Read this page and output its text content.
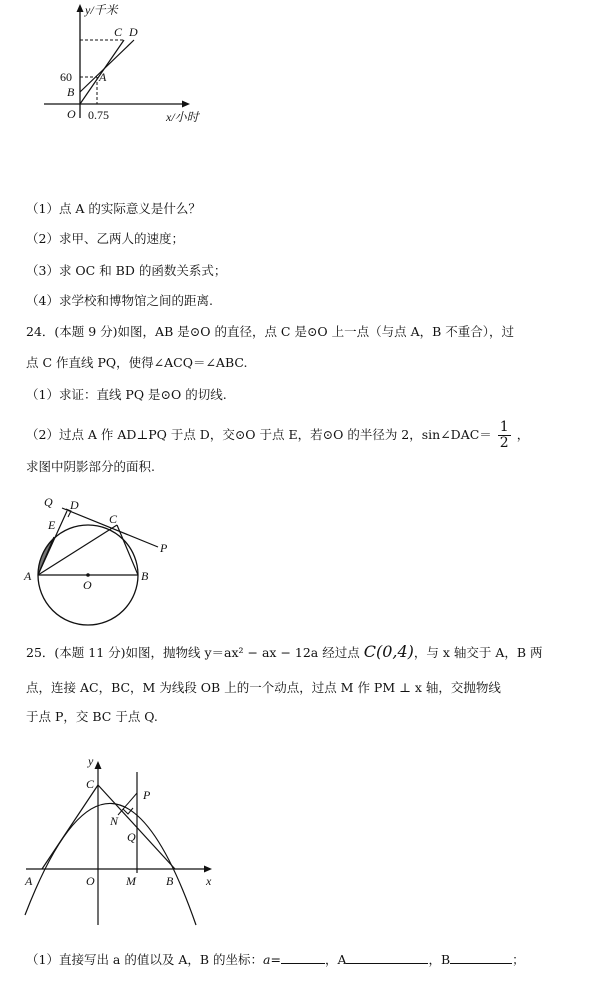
y/千米
C D
A
60
B
O 0.75	x/小时
（1）点 A 的实际意义是什么？
（2）求甲、乙两人的速度；
（3）求 OC 和 BD 的函数关系式；
（4）求学校和博物馆之间的距离.
24．(本题 9 分)如图，AB 是⊙O 的直径，点 C 是⊙O 上一点（与点 A，B 不重合），过
点 C 作直线 PQ，使得∠ACQ＝∠ABC.
（1）求证：直线 PQ 是⊙O 的切线.
（2）过点 A 作 AD⊥PQ 于点 D，交⊙O 于点 E，若⊙O 的半径为 2，sin∠DAC＝ $\frac{1}{2}$ ，
求图中阴影部分的面积.
Q D
E	C
P
A
O
B
25．(本题 11 分)如图，抛物线 y＝ax² − ax − 12a 经过点 C(0,4)，与 x 轴交于 A，B 两
点，连接 AC，BC，M 为线段 OB 上的一个动点，过点 M 作 PM ⊥ x 轴，交抛物线
于点 P，交 BC 于点 Q.
y
C
P
N
Q
A	O	M	B	x
（1）直接写出 a 的值以及 A，B 的坐标：a=	，A	，B	；
